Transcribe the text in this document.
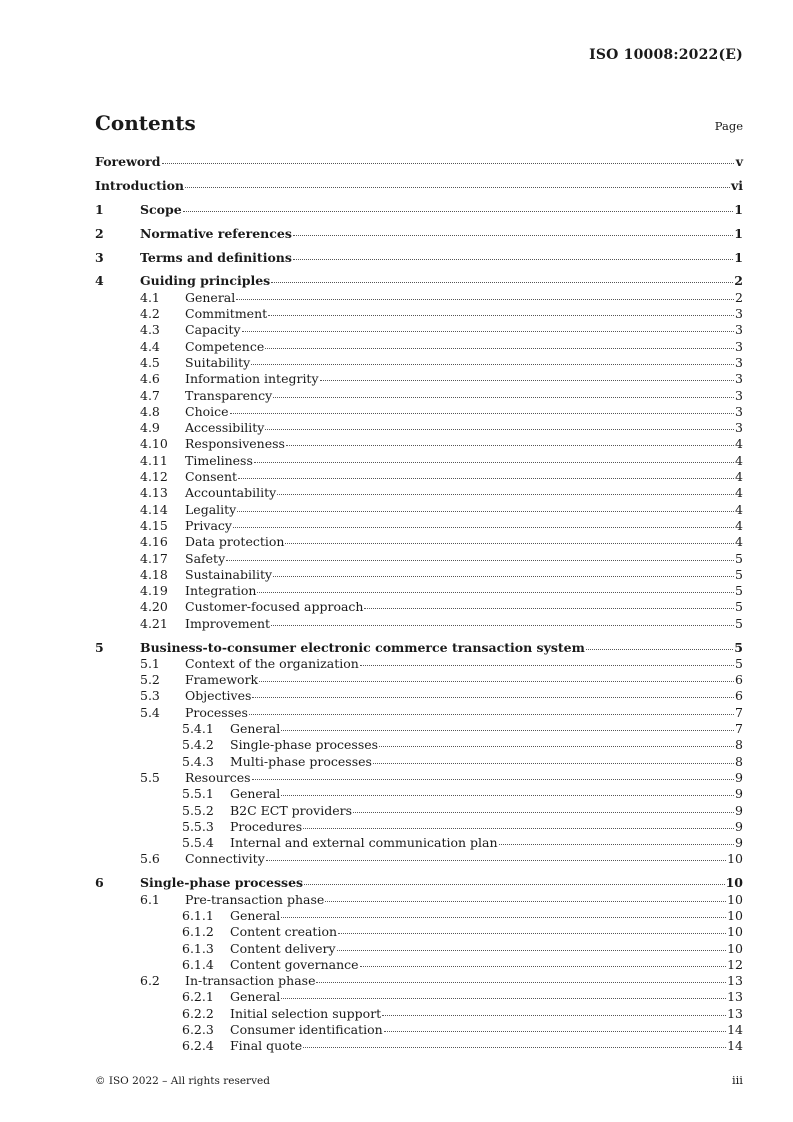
ISO 10008:2022(E)
Contents	Page
Foreword	v
Introduction	vi
1	Scope	1
2	Normative references	1
3	Terms and definitions	1
4	Guiding principles	2
4.1	General	2
4.2	Commitment	3
4.3	Capacity	3
4.4	Competence	3
4.5	Suitability	3
4.6	Information integrity	3
4.7	Transparency	3
4.8	Choice	3
4.9	Accessibility	3
4.10	Responsiveness	4
4.11	Timeliness	4
4.12	Consent	4
4.13	Accountability	4
4.14	Legality	4
4.15	Privacy	4
4.16	Data protection	4
4.17	Safety	5
4.18	Sustainability	5
4.19	Integration	5
4.20	Customer-focused approach	5
4.21	Improvement	5
5	Business-to-consumer electronic commerce transaction system	5
5.1	Context of the organization	5
5.2	Framework	6
5.3	Objectives	6
5.4	Processes	7
5.4.1	General	7
5.4.2	Single-phase processes	8
5.4.3	Multi-phase processes	8
5.5	Resources	9
5.5.1	General	9
5.5.2	B2C ECT providers	9
5.5.3	Procedures	9
5.5.4	Internal and external communication plan	9
5.6	Connectivity	10
6	Single-phase processes	10
6.1	Pre-transaction phase	10
6.1.1	General	10
6.1.2	Content creation	10
6.1.3	Content delivery	10
6.1.4	Content governance	12
6.2	In-transaction phase	13
6.2.1	General	13
6.2.2	Initial selection support	13
6.2.3	Consumer identification	14
6.2.4	Final quote	14
© ISO 2022 – All rights reserved	iii
